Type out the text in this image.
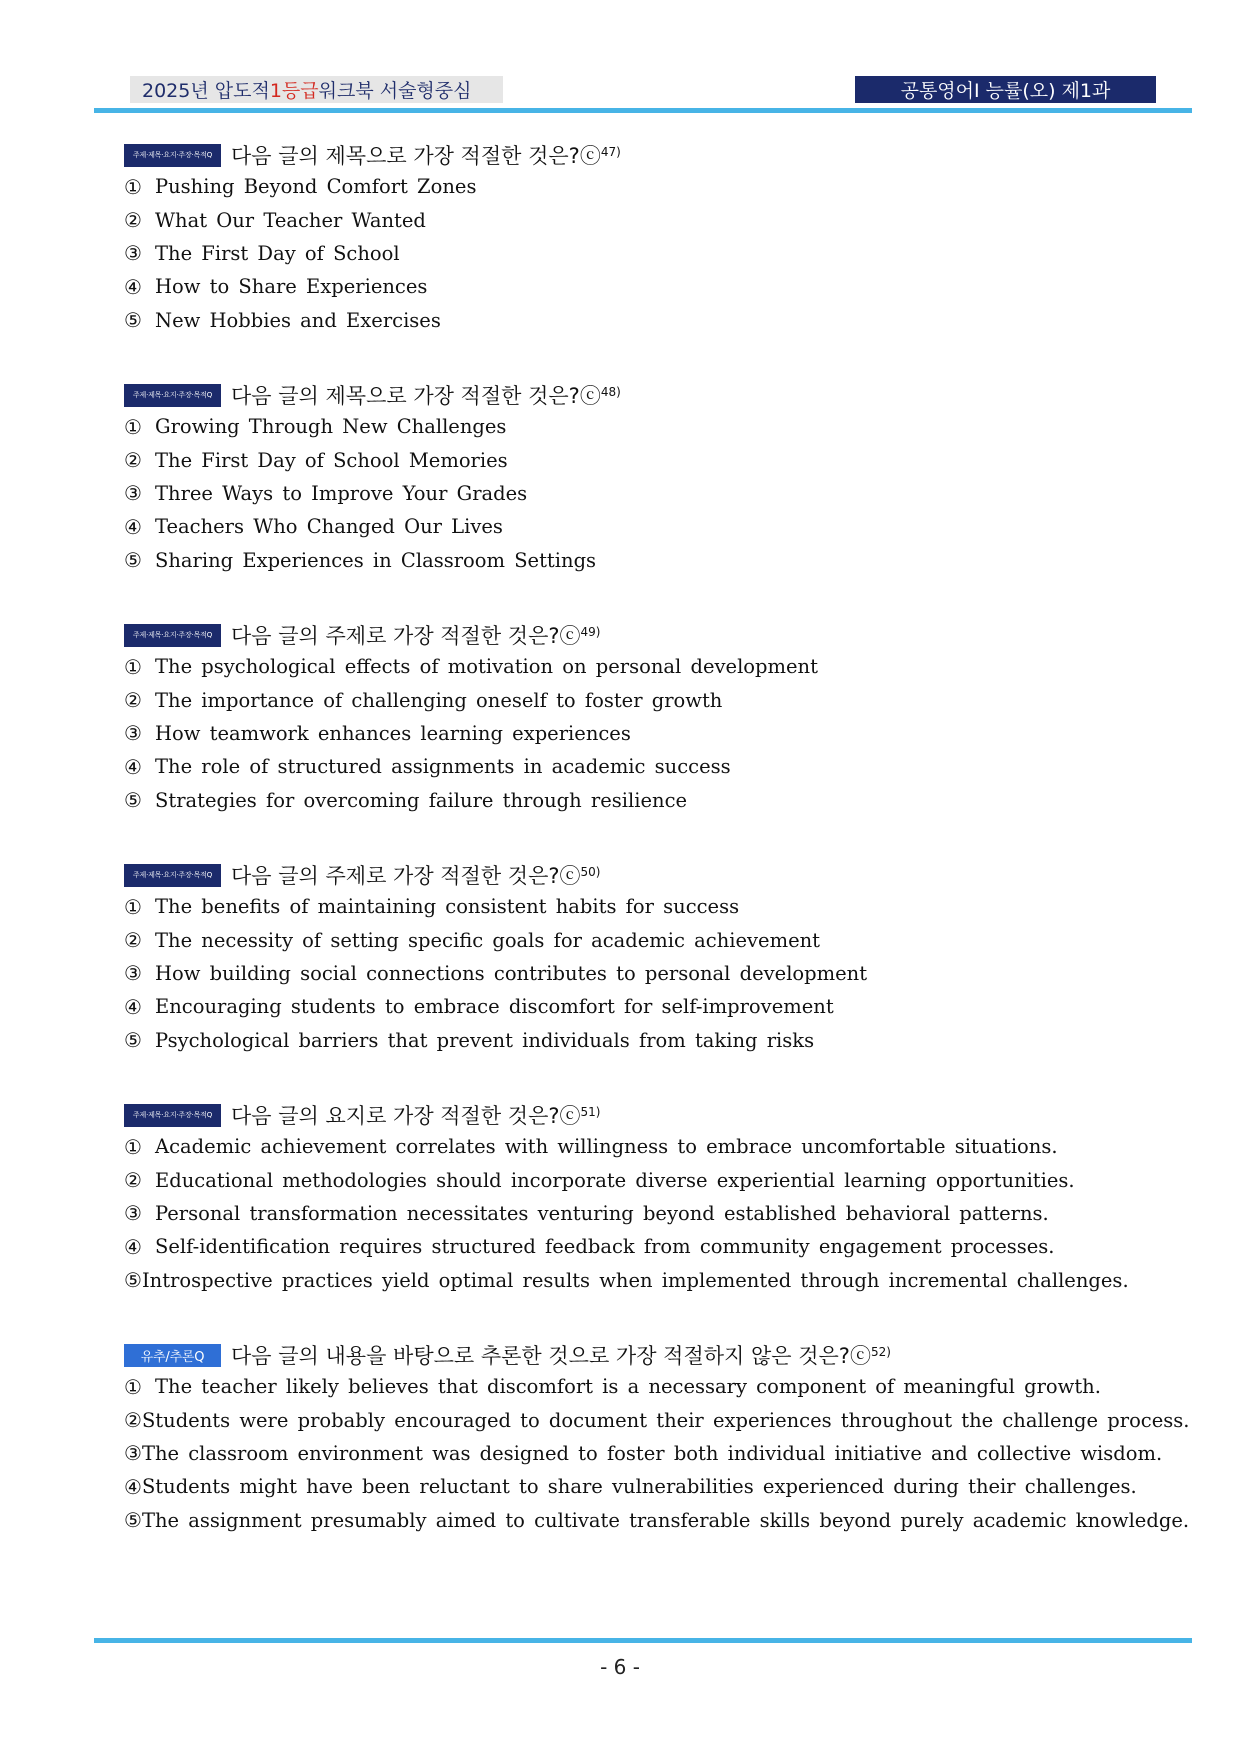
2025년 압도적 1등급 워크북 서술형중심	공통영어Ⅰ 능률(오) 제1과
주제·제목·요지·주장·목적Q 다음 글의 제목으로 가장 적절한 것은?ⓒ$^{47)}$
① Pushing Beyond Comfort Zones
② What Our Teacher Wanted
③ The First Day of School
④ How to Share Experiences
⑤ New Hobbies and Exercises
주제·제목·요지·주장·목적Q 다음 글의 제목으로 가장 적절한 것은?ⓒ$^{48)}$
① Growing Through New Challenges
② The First Day of School Memories
③ Three Ways to Improve Your Grades
④ Teachers Who Changed Our Lives
⑤ Sharing Experiences in Classroom Settings
주제·제목·요지·주장·목적Q 다음 글의 주제로 가장 적절한 것은?ⓒ$^{49)}$
① The psychological effects of motivation on personal development
② The importance of challenging oneself to foster growth
③ How teamwork enhances learning experiences
④ The role of structured assignments in academic success
⑤ Strategies for overcoming failure through resilience
주제·제목·요지·주장·목적Q 다음 글의 주제로 가장 적절한 것은?ⓒ$^{50)}$
① The benefits of maintaining consistent habits for success
② The necessity of setting specific goals for academic achievement
③ How building social connections contributes to personal development
④ Encouraging students to embrace discomfort for self-improvement
⑤ Psychological barriers that prevent individuals from taking risks
주제·제목·요지·주장·목적Q 다음 글의 요지로 가장 적절한 것은?ⓒ$^{51)}$
① Academic achievement correlates with willingness to embrace uncomfortable situations.
② Educational methodologies should incorporate diverse experiential learning opportunities.
③ Personal transformation necessitates venturing beyond established behavioral patterns.
④ Self-identification requires structured feedback from community engagement processes.
⑤ Introspective practices yield optimal results when implemented through incremental challenges.
유추/추론Q	다음 글의 내용을 바탕으로 추론한 것으로 가장 적절하지 않은 것은?ⓒ$^{52)}$
① The teacher likely believes that discomfort is a necessary component of meaningful growth.
② Students were probably encouraged to document their experiences throughout the challenge process.
③ The classroom environment was designed to foster both individual initiative and collective wisdom.
④ Students might have been reluctant to share vulnerabilities experienced during their challenges.
⑤ The assignment presumably aimed to cultivate transferable skills beyond purely academic knowledge.
- 6 -
